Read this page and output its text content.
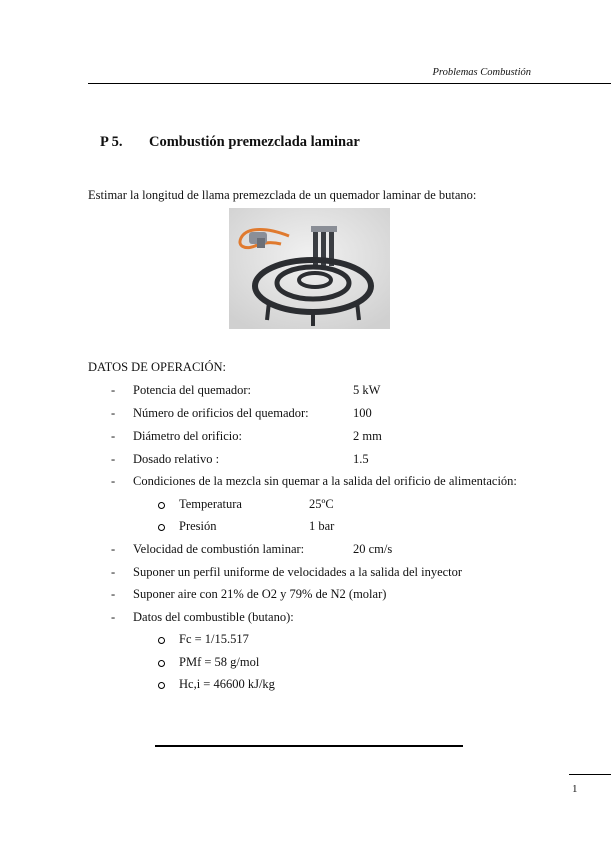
Problemas Combustión
P 5. Combustión premezclada laminar
Estimar la longitud de llama premezclada de un quemador laminar de butano:
DATOS DE OPERACIÓN:
- Potencia del quemador:	5 kW
- Número de orificios del quemador:	100
- Diámetro del orificio:	2 mm
- Dosado relativo :	1.5
- Condiciones de la mezcla sin quemar a la salida del orificio de alimentación:
Temperatura	25ºC
Presión	1 bar
- Velocidad de combustión laminar:	20 cm/s
- Suponer un perfil uniforme de velocidades a la salida del inyector
- Suponer aire con 21% de O2 y 79% de N2 (molar)
- Datos del combustible (butano):
Fc = 1/15.517
PMf = 58 g/mol
Hc,i = 46600 kJ/kg
1
